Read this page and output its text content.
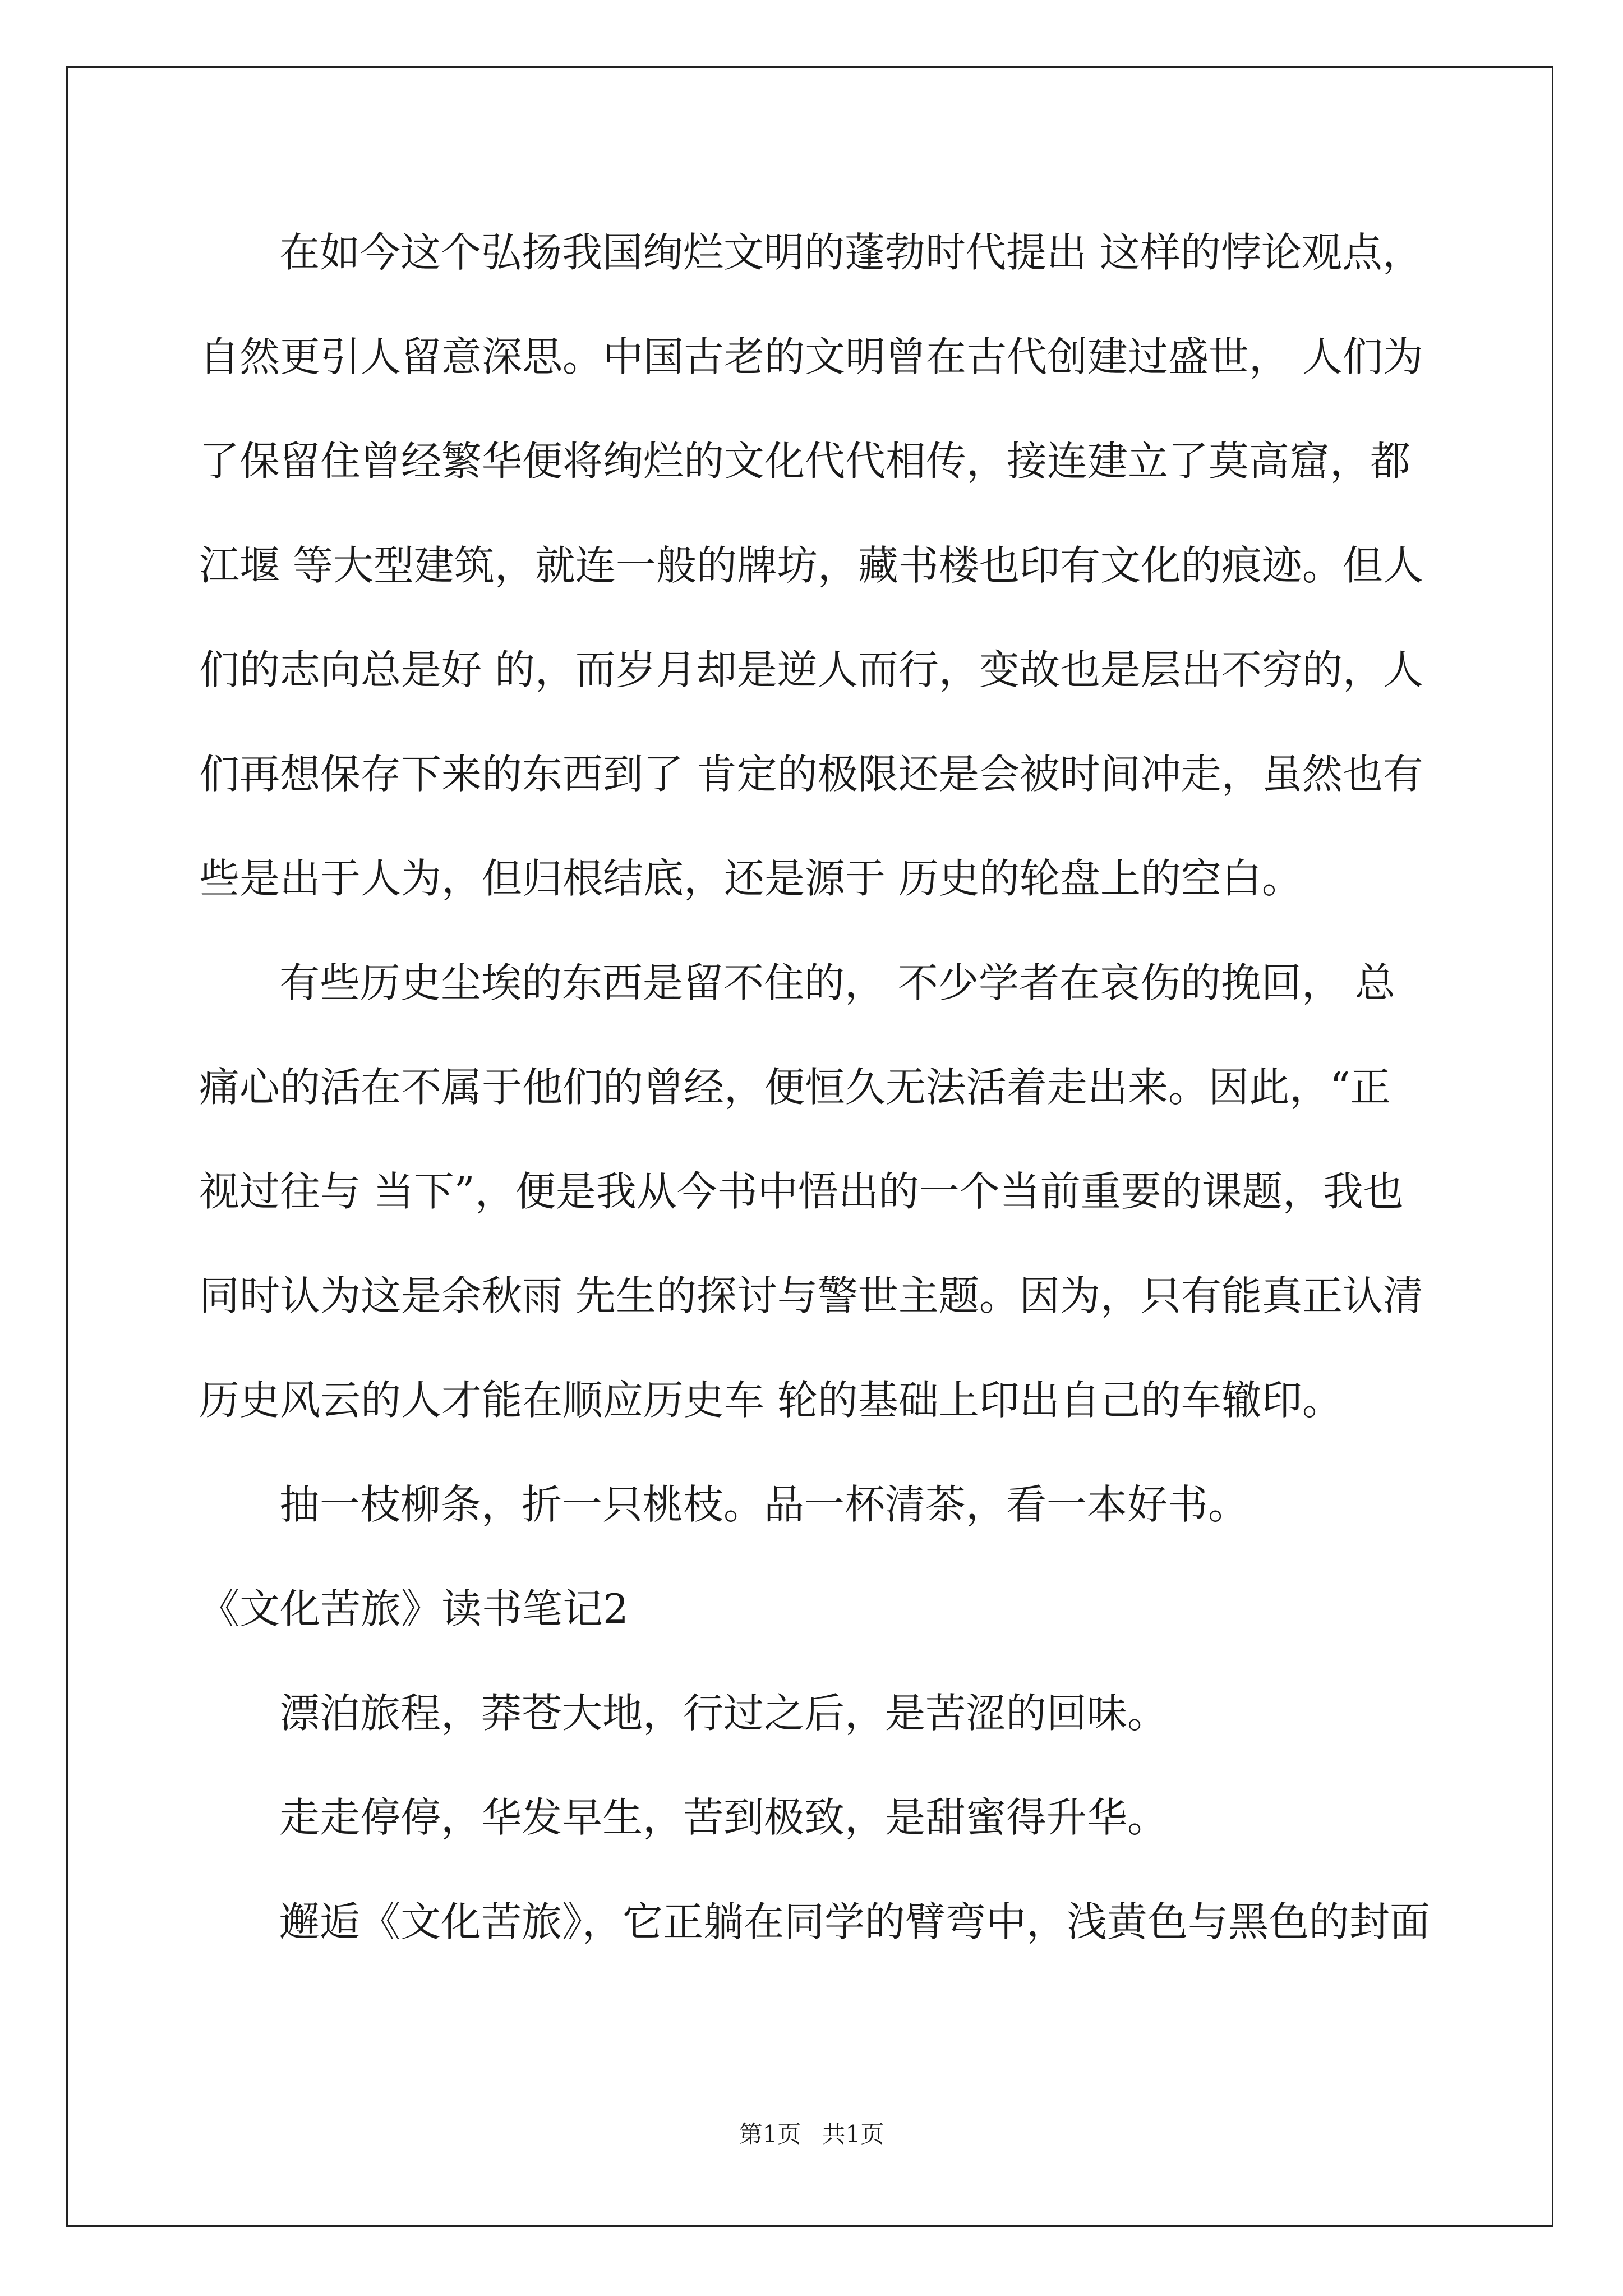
在如今这个弘扬我国绚烂文明的蓬勃时代提出 这样的悖论观点，
自然更引人留意深思。中国古老的文明曾在古代创建过盛世， 人们为
了保留住曾经繁华便将绚烂的文化代代相传，接连建立了莫高窟，都
江堰 等大型建筑，就连一般的牌坊，藏书楼也印有文化的痕迹。但人
们的志向总是好 的，而岁月却是逆人而行，变故也是层出不穷的，人
们再想保存下来的东西到了 肯定的极限还是会被时间冲走，虽然也有
些是出于人为，但归根结底，还是源于 历史的轮盘上的空白。
有些历史尘埃的东西是留不住的， 不少学者在哀伤的挽回， 总
痛心的活在不属于他们的曾经，便恒久无法活着走出来。因此，“正
视过往与 当下”，便是我从今书中悟出的一个当前重要的课题，我也
同时认为这是余秋雨 先生的探讨与警世主题。因为，只有能真正认清
历史风云的人才能在顺应历史车 轮的基础上印出自己的车辙印。
抽一枝柳条，折一只桃枝。品一杯清茶，看一本好书。
《文化苦旅》读书笔记2
漂泊旅程，莽苍大地，行过之后，是苦涩的回味。
走走停停，华发早生，苦到极致，是甜蜜得升华。
邂逅《文化苦旅》，它正躺在同学的臂弯中，浅黄色与黑色的封面
第1页 共1页
